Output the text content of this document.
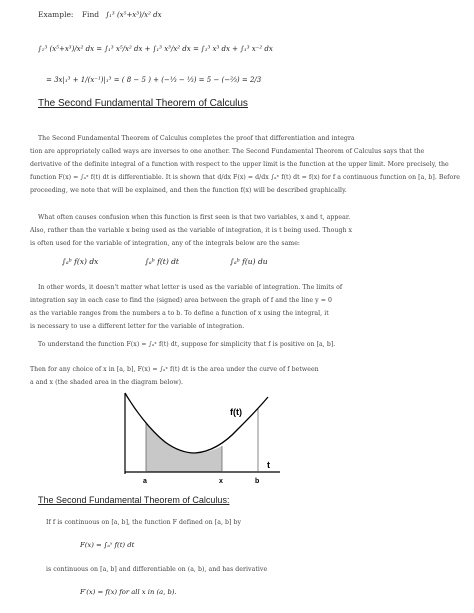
Example: Find ∫₁³ (x⁵+x³)/x² dx
∫₁³ (x⁵+x³)/x² dx = ∫₁³ x⁵/x² dx + ∫₁³ x³/x² dx = ∫₁³ x³ dx + ∫₁³ x⁻² dx
= 3x|₁³ + 1/(x⁻¹)|₁³ = ( 8 − 5 ) + (−⅓ − ⅓) = 5 − (−⅔) = 2/3
The Second Fundamental Theorem of Calculus
The Second Fundamental Theorem of Calculus completes the proof that differentiation and integra
tion are appropriately called ways are inverses to one another. The Second Fundamental Theorem of Calculus says that the
derivative of the definite integral of a function with respect to the upper limit is the function at the upper limit. More precisely, the
function F(x) = ∫ₐˣ f(t) dt is differentiable. It is shown that d/dx F(x) = d/dx ∫ₐˣ f(t) dt = f(x) for f a continuous function on [a, b]. Before
proceeding, we note that will be explained, and then the function f(x) will be described graphically.
What often causes confusion when this function is first seen is that two variables, x and t, appear.
Also, rather than the variable x being used as the variable of integration, it is t being used. Though x
is often used for the variable of integration, any of the integrals below are the same:
∫ₐᵇ f(x) dx	∫ₐᵇ f(t) dt	∫ₐᵇ f(u) du
In other words, it doesn't matter what letter is used as the variable of integration. The limits of
integration say in each case to find the (signed) area between the graph of f and the line y = 0
as the variable ranges from the numbers a to b. To define a function of x using the integral, it
is necessary to use a different letter for the variable of integration.
To understand the function F(x) = ∫ₐˣ f(t) dt, suppose for simplicity that f is positive on [a, b].
Then for any choice of x in [a, b], F(x) = ∫ₐˣ f(t) dt is the area under the curve of f between
a and x (the shaded area in the diagram below).
f(t)
t
a	x	b
The Second Fundamental Theorem of Calculus:
If f is continuous on [a, b], the function F defined on [a, b] by
F(x) = ∫ₐˣ f(t) dt
is continuous on [a, b] and differentiable on (a, b), and has derivative
F′(x) = f(x) for all x in (a, b).
